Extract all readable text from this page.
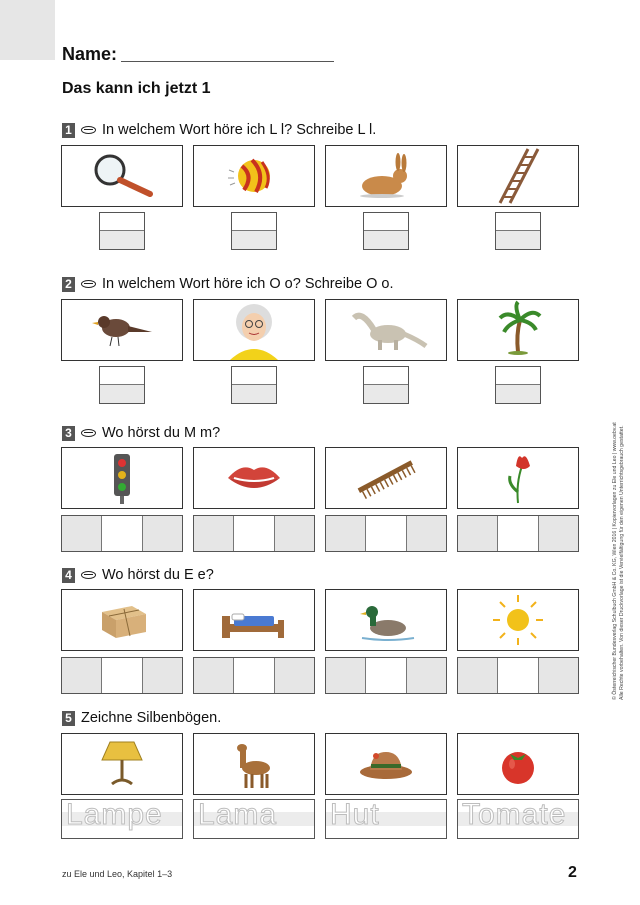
Name:
Das kann ich jetzt 1
1 In welchem Wort höre ich L l? Schreibe L l.
2 In welchem Wort höre ich O o? Schreibe O o.
3 Wo hörst du M m?
4 Wo hörst du E e?
5 Zeichne Silbenbögen.
Lampe Lama Hut	Tomate
zu Ele und Leo, Kapitel 1–3	2
© Österreichischer Bundesverlag Schulbuch GmbH & Co. KG, Wien 2016 | Kopiervorlagen zu Ele und Leo | www.oebv.at Alle Rechte vorbehalten. Von dieser Druckvorlage ist die Vervielfältigung für den eigenen Unterrichtsgebrauch gestattet.
